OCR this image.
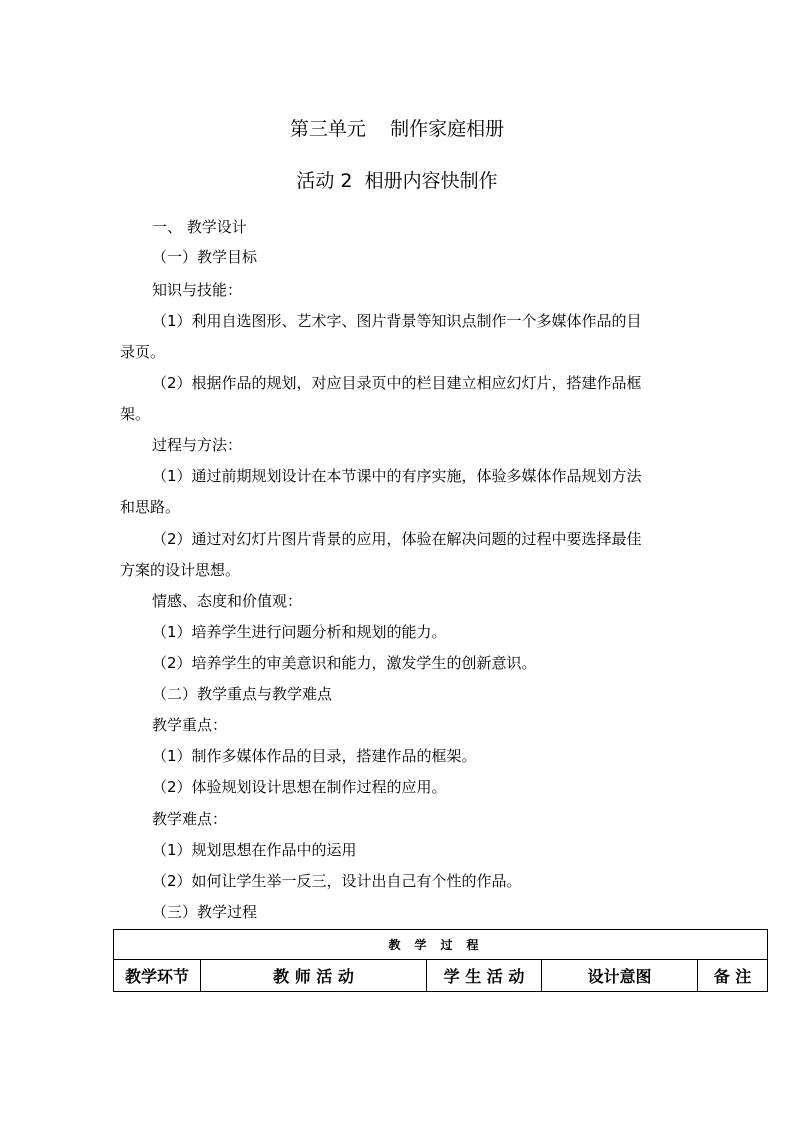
第三单元    制作家庭相册
活动 2  相册内容快制作
一、 教学设计
（一）教学目标
知识与技能：
（1）利用自选图形、艺术字、图片背景等知识点制作一个多媒体作品的目
录页。
（2）根据作品的规划，对应目录页中的栏目建立相应幻灯片，搭建作品框
架。
过程与方法：
（1）通过前期规划设计在本节课中的有序实施，体验多媒体作品规划方法
和思路。
（2）通过对幻灯片图片背景的应用，体验在解决问题的过程中要选择最佳
方案的设计思想。
情感、态度和价值观：
（1）培养学生进行问题分析和规划的能力。
（2）培养学生的审美意识和能力，激发学生的创新意识。
（二）教学重点与教学难点
教学重点：
（1）制作多媒体作品的目录，搭建作品的框架。
（2）体验规划设计思想在制作过程的应用。
教学难点：
（1）规划思想在作品中的运用
（2）如何让学生举一反三，设计出自己有个性的作品。
（三）教学过程
教学过程
教学环节	教 师 活 动	学 生 活 动	设计意图	备 注
